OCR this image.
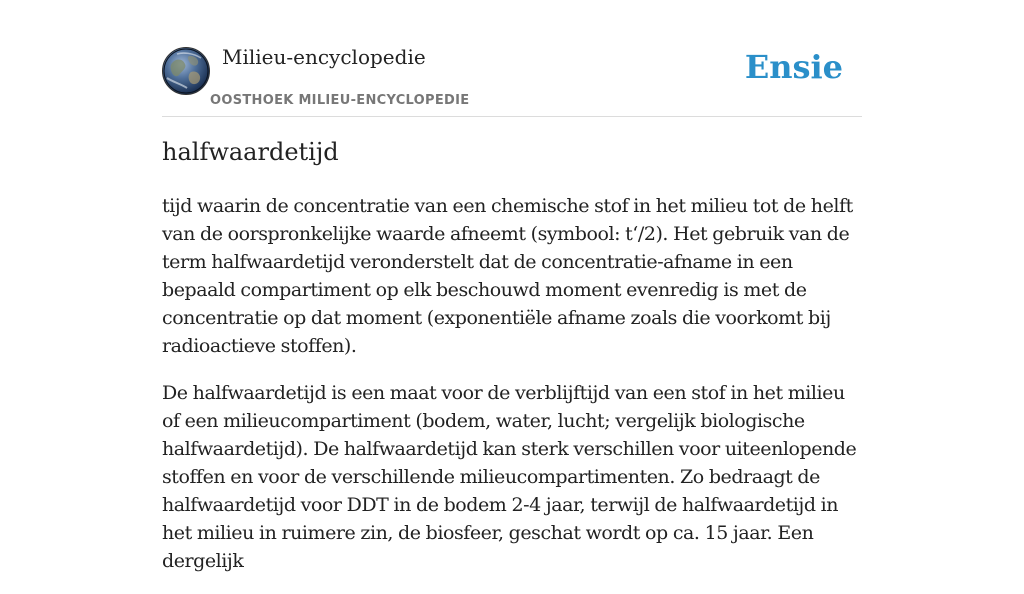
Milieu-encyclopedie
OOSTHOEK MILIEU-ENCYCLOPEDIE
Ensie
halfwaardetijd

tijd waarin de concentratie van een chemische stof in het milieu tot de helft van de oorspronkelijke waarde afneemt (symbool: t‘/2). Het gebruik van de term halfwaardetijd veronderstelt dat de concentratie-afname in een bepaald compartiment op elk beschouwd moment evenredig is met de concentratie op dat moment (exponentiële afname zoals die voorkomt bij radioactieve stoffen).

De halfwaardetijd is een maat voor de verblijftijd van een stof in het milieu of een milieucompartiment (bodem, water, lucht; vergelijk biologische halfwaardetijd). De halfwaardetijd kan sterk verschillen voor uiteenlopende stoffen en voor de verschillende milieucompartimenten. Zo bedraagt de halfwaardetijd voor DDT in de bodem 2-4 jaar, terwijl de halfwaardetijd in het milieu in ruimere zin, de biosfeer, geschat wordt op ca. 15 jaar. Een dergelijk
